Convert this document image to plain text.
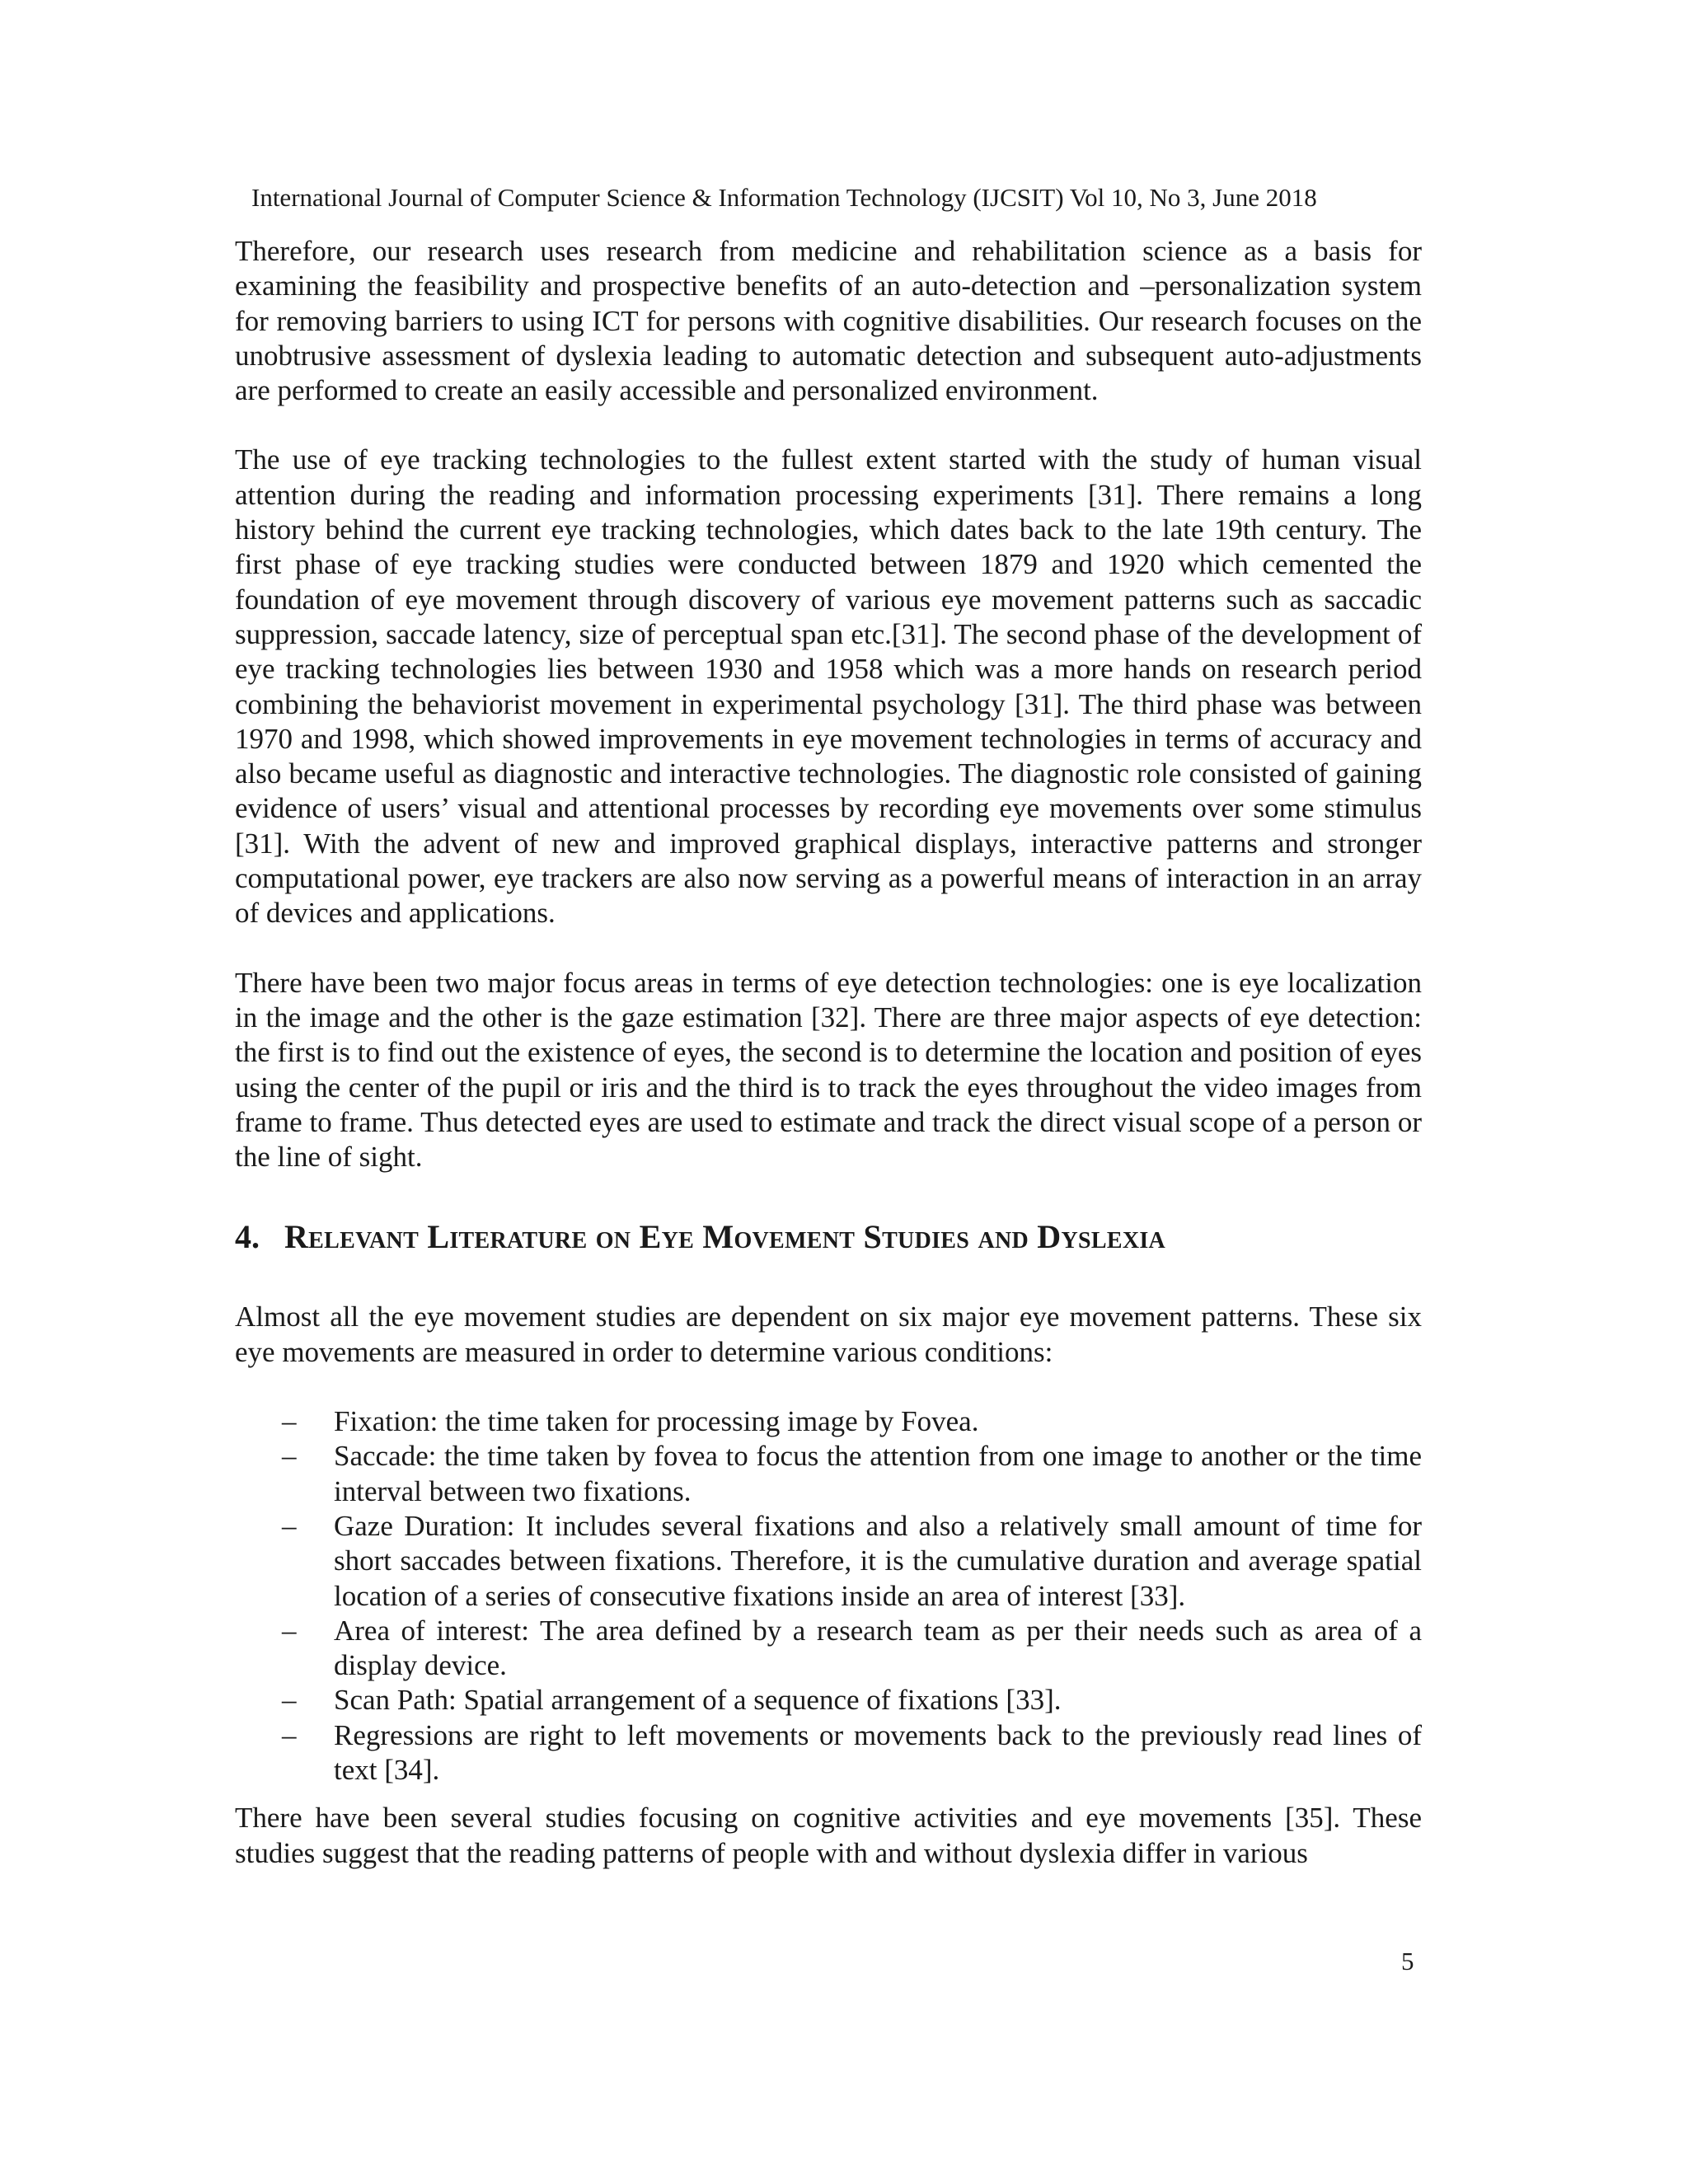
International Journal of Computer Science & Information Technology (IJCSIT) Vol 10, No 3, June 2018

Therefore, our research uses research from medicine and rehabilitation science as a basis for examining the feasibility and prospective benefits of an auto-detection and –personalization system for removing barriers to using ICT for persons with cognitive disabilities. Our research focuses on the unobtrusive assessment of dyslexia leading to automatic detection and subsequent auto-adjustments are performed to create an easily accessible and personalized environment.

The use of eye tracking technologies to the fullest extent started with the study of human visual attention during the reading and information processing experiments [31]. There remains a long history behind the current eye tracking technologies, which dates back to the late 19th century. The first phase of eye tracking studies were conducted between 1879 and 1920 which cemented the foundation of eye movement through discovery of various eye movement patterns such as saccadic suppression, saccade latency, size of perceptual span etc.[31]. The second phase of the development of eye tracking technologies lies between 1930 and 1958 which was a more hands on research period combining the behaviorist movement in experimental psychology [31]. The third phase was between 1970 and 1998, which showed improvements in eye movement technologies in terms of accuracy and also became useful as diagnostic and interactive technologies. The diagnostic role consisted of gaining evidence of users’ visual and attentional processes by recording eye movements over some stimulus [31]. With the advent of new and improved graphical displays, interactive patterns and stronger computational power, eye trackers are also now serving as a powerful means of interaction in an array of devices and applications.

There have been two major focus areas in terms of eye detection technologies: one is eye localization in the image and the other is the gaze estimation [32]. There are three major aspects of eye detection: the first is to find out the existence of eyes, the second is to determine the location and position of eyes using the center of the pupil or iris and the third is to track the eyes throughout the video images from frame to frame. Thus detected eyes are used to estimate and track the direct visual scope of a person or the line of sight.

4. Relevant Literature on Eye Movement Studies and Dyslexia

Almost all the eye movement studies are dependent on six major eye movement patterns. These six eye movements are measured in order to determine various conditions:

– Fixation: the time taken for processing image by Fovea.
– Saccade: the time taken by fovea to focus the attention from one image to another or the time interval between two fixations.
– Gaze Duration: It includes several fixations and also a relatively small amount of time for short saccades between fixations. Therefore, it is the cumulative duration and average spatial location of a series of consecutive fixations inside an area of interest [33].
– Area of interest: The area defined by a research team as per their needs such as area of a display device.
– Scan Path: Spatial arrangement of a sequence of fixations [33].
– Regressions are right to left movements or movements back to the previously read lines of text [34].

There have been several studies focusing on cognitive activities and eye movements [35]. These studies suggest that the reading patterns of people with and without dyslexia differ in various

5
